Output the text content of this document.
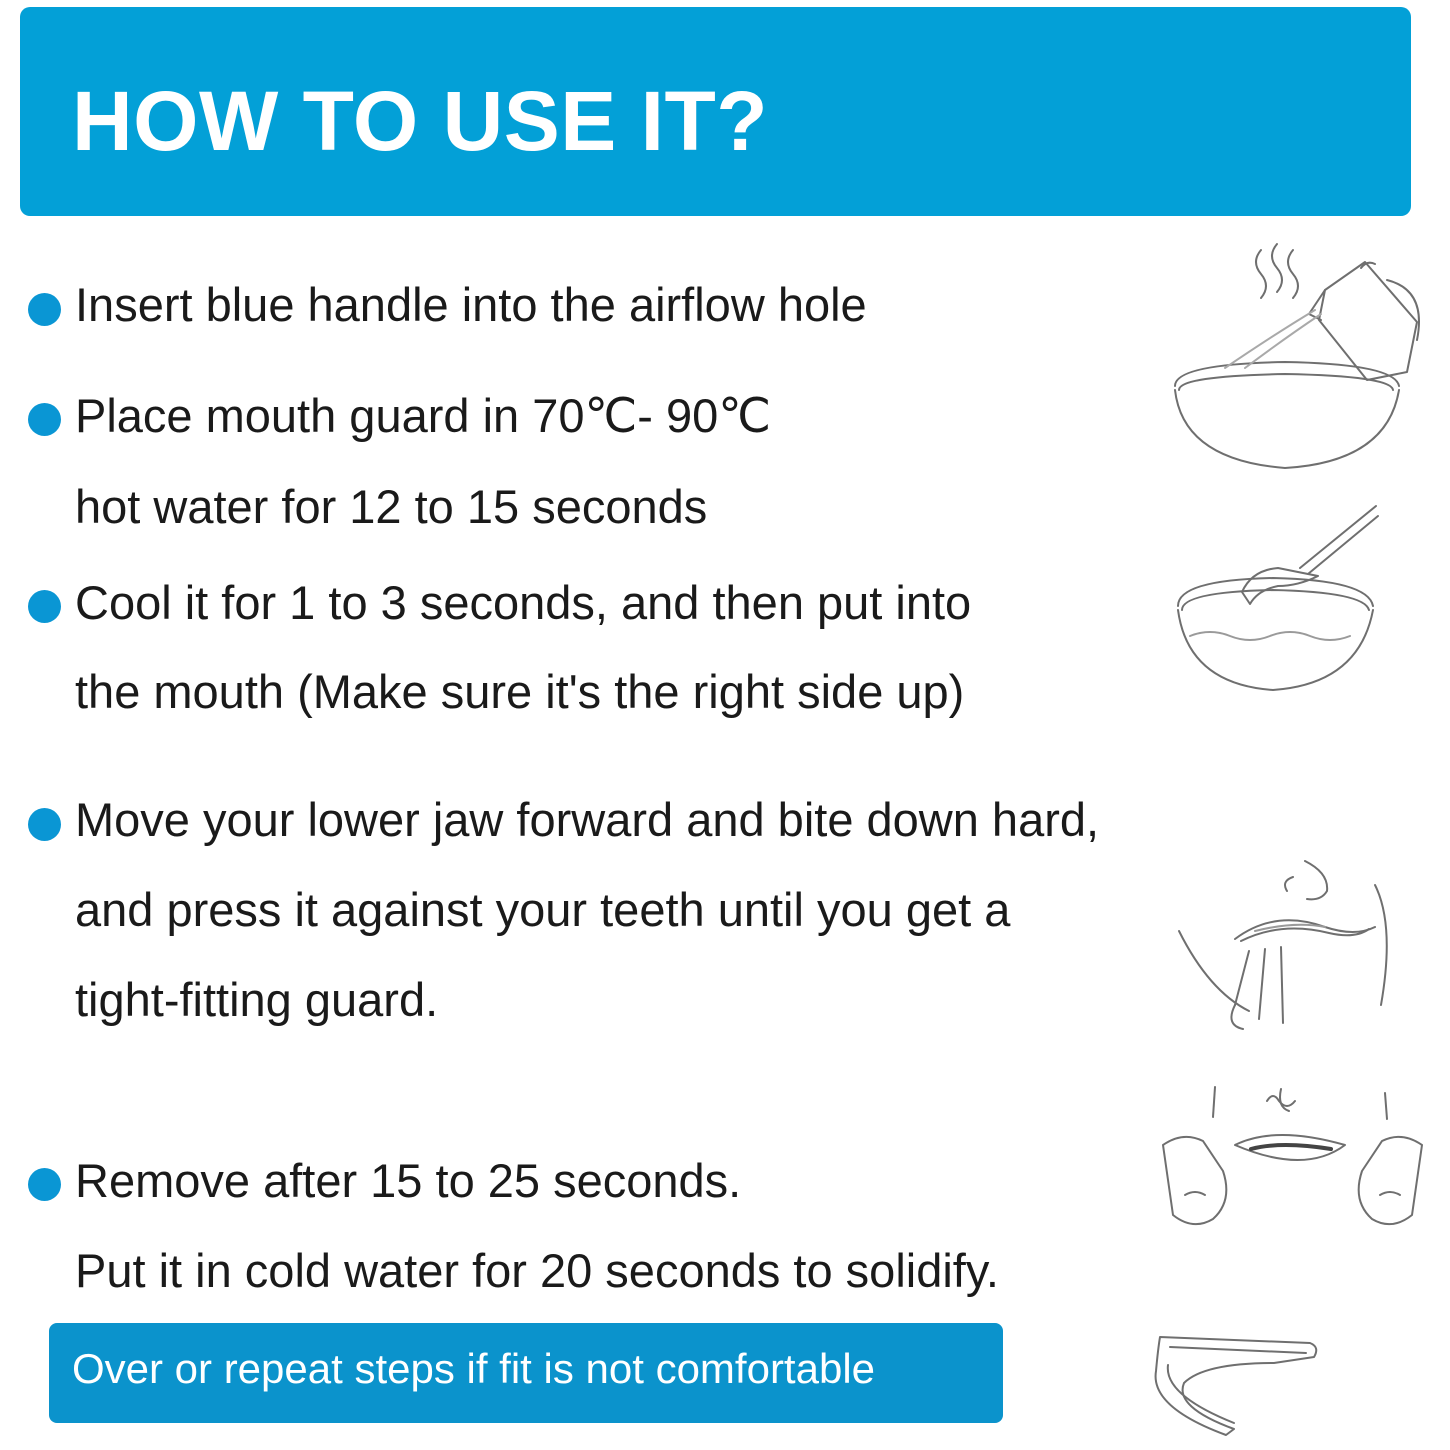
HOW TO USE IT?
Insert blue handle into the airflow hole
Place mouth guard in 70℃- 90℃
hot water for 12 to 15 seconds
Cool it for 1 to 3 seconds, and then put into
the mouth (Make sure it's the right side up)
Move your lower jaw forward and bite down hard,
and press it against your teeth until you get a
tight-fitting guard.
Remove after 15 to 25 seconds.
Put it in cold water for 20 seconds to solidify.
Over or repeat steps if fit is not comfortable
